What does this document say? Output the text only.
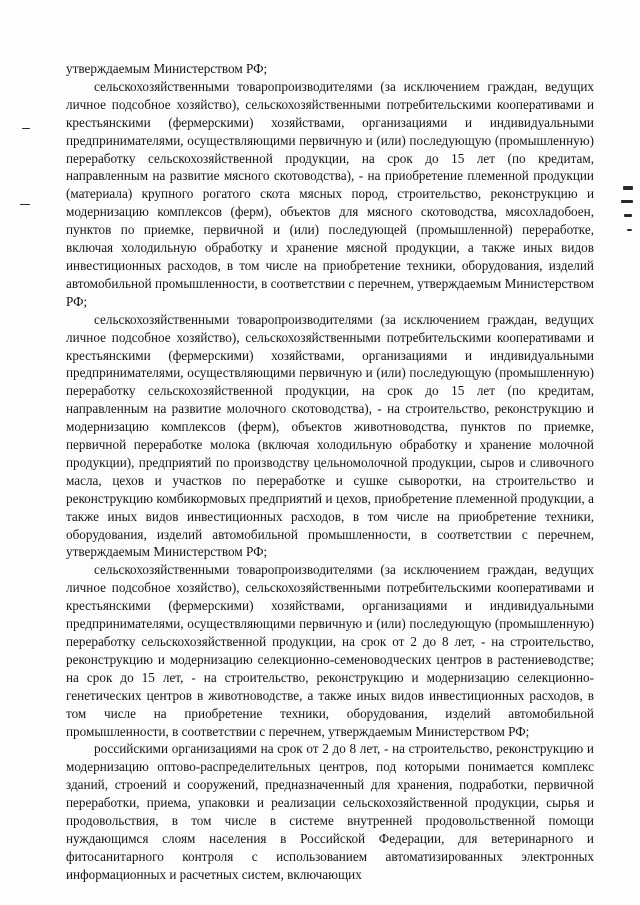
утверждаемым Министерством РФ;

сельскохозяйственными товаропроизводителями (за исключением граждан, ведущих личное подсобное хозяйство), сельскохозяйственными потребительскими кооперативами и крестьянскими (фермерскими) хозяйствами, организациями и индивидуальными предпринимателями, осуществляющими первичную и (или) последующую (промышленную) переработку сельскохозяйственной продукции, на срок до 15 лет (по кредитам, направленным на развитие мясного скотоводства), - на приобретение племенной продукции (материала) крупного рогатого скота мясных пород, строительство, реконструкцию и модернизацию комплексов (ферм), объектов для мясного скотоводства, мясохладобоен, пунктов по приемке, первичной и (или) последующей (промышленной) переработке, включая холодильную обработку и хранение мясной продукции, а также иных видов инвестиционных расходов, в том числе на приобретение техники, оборудования, изделий автомобильной промышленности, в соответствии с перечнем, утверждаемым Министерством РФ;

сельскохозяйственными товаропроизводителями (за исключением граждан, ведущих личное подсобное хозяйство), сельскохозяйственными потребительскими кооперативами и крестьянскими (фермерскими) хозяйствами, организациями и индивидуальными предпринимателями, осуществляющими первичную и (или) последующую (промышленную) переработку сельскохозяйственной продукции, на срок до 15 лет (по кредитам, направленным на развитие молочного скотоводства), - на строительство, реконструкцию и модернизацию комплексов (ферм), объектов животноводства, пунктов по приемке, первичной переработке молока (включая холодильную обработку и хранение молочной продукции), предприятий по производству цельномолочной продукции, сыров и сливочного масла, цехов и участков по переработке и сушке сыворотки, на строительство и реконструкцию комбикормовых предприятий и цехов, приобретение племенной продукции, а также иных видов инвестиционных расходов, в том числе на приобретение техники, оборудования, изделий автомобильной промышленности, в соответствии с перечнем, утверждаемым Министерством РФ;

сельскохозяйственными товаропроизводителями (за исключением граждан, ведущих личное подсобное хозяйство), сельскохозяйственными потребительскими кооперативами и крестьянскими (фермерскими) хозяйствами, организациями и индивидуальными предпринимателями, осуществляющими первичную и (или) последующую (промышленную) переработку сельскохозяйственной продукции, на срок от 2 до 8 лет, - на строительство, реконструкцию и модернизацию селекционно-семеноводческих центров в растениеводстве; на срок до 15 лет, - на строительство, реконструкцию и модернизацию селекционно-генетических центров в животноводстве, а также иных видов инвестиционных расходов, в том числе на приобретение техники, оборудования, изделий автомобильной промышленности, в соответствии с перечнем, утверждаемым Министерством РФ;

российскими организациями на срок от 2 до 8 лет, - на строительство, реконструкцию и модернизацию оптово-распределительных центров, под которыми понимается комплекс зданий, строений и сооружений, предназначенный для хранения, подработки, первичной переработки, приема, упаковки и реализации сельскохозяйственной продукции, сырья и продовольствия, в том числе в системе внутренней продовольственной помощи нуждающимся слоям населения в Российской Федерации, для ветеринарного и фитосанитарного контроля с использованием автоматизированных электронных информационных и расчетных систем, включающих
